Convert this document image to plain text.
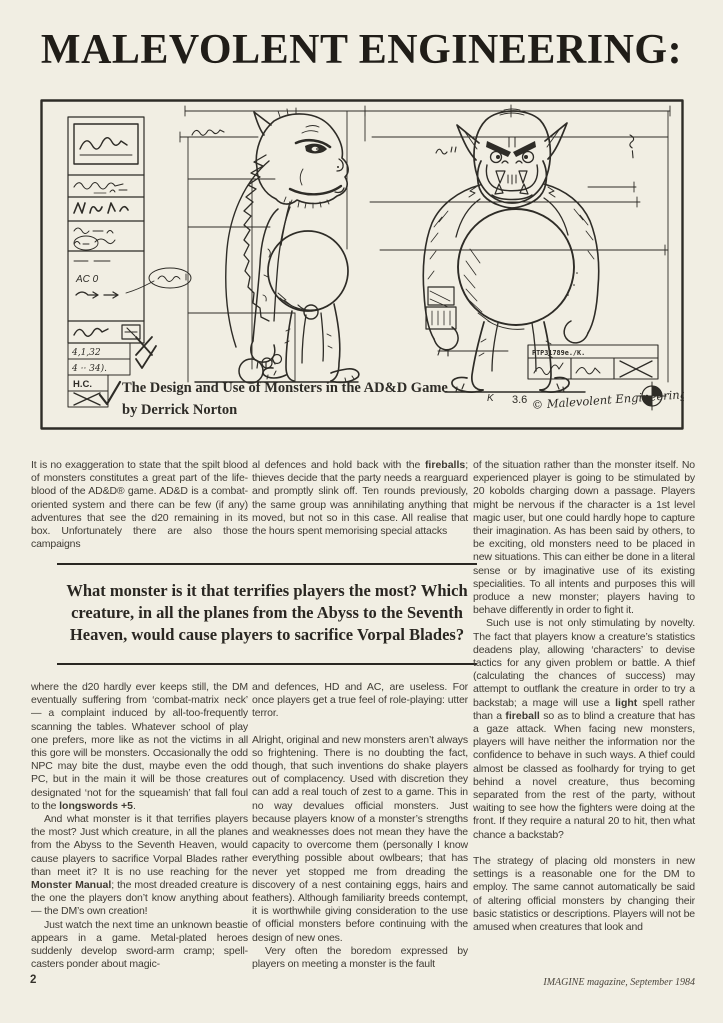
MALEVOLENT ENGINEERING:
AC 0
4,1,32
4 ·· 34).
H.C.
PTP31789e./K.
The Design and Use of Monsters in the AD&D Game
by Derrick Norton
K 3.6 © Malevolent Engineering

It is no exaggeration to state that the spilt blood of monsters constitutes a great part of the life-blood of the AD&D® game. AD&D is a combat-oriented system and there can be few (if any) adventures that see the d20 remaining in its box. Unfortunately there are also those campaigns

al defences and hold back with the fireballs; thieves decide that the party needs a rearguard and promptly slink off. Ten rounds previously, the same group was annihilating anything that moved, but not so in this case. All realise that the hours spent memorising special attacks

What monster is it that terrifies players the most? Which creature, in all the planes from the Abyss to the Seventh Heaven, would cause players to sacrifice Vorpal Blades?

where the d20 hardly ever keeps still, the DM eventually suffering from ‘combat-matrix neck’ — a complaint induced by all-too-frequently scanning the tables. Whatever school of play one prefers, more like as not the victims in all this gore will be monsters. Occasionally the odd NPC may bite the dust, maybe even the odd PC, but in the main it will be those creatures designated ‘not for the squeamish’ that fall foul to the longswords +5.

And what monster is it that terrifies players the most? Just which creature, in all the planes from the Abyss to the Seventh Heaven, would cause players to sacrifice Vorpal Blades rather than meet it? It is no use reaching for the Monster Manual; the most dreaded creature is the one the players don’t know anything about — the DM’s own creation!

Just watch the next time an unknown beastie appears in a game. Metal-plated heroes suddenly develop sword-arm cramp; spell-casters ponder about magic-

and defences, HD and AC, are useless. For once players get a true feel of role-playing: utter terror.

Alright, original and new monsters aren’t always so frightening. There is no doubting the fact, though, that such inventions do shake players out of complacency. Used with discretion they can add a real touch of zest to a game. This in no way devalues official monsters. Just because players know of a monster’s strengths and weaknesses does not mean they have the capacity to overcome them (personally I know everything possible about owlbears; that has never yet stopped me from dreading the discovery of a nest containing eggs, hairs and feathers). Although familiarity breeds contempt, it is worthwhile giving consideration to the use of official monsters before continuing with the design of new ones.

Very often the boredom expressed by players on meeting a monster is the fault

of the situation rather than the monster itself. No experienced player is going to be stimulated by 20 kobolds charging down a passage. Players might be nervous if the character is a 1st level magic user, but one could hardly hope to capture their imagination. As has been said by others, to be exciting, old monsters need to be placed in new situations. This can either be done in a literal sense or by imaginative use of its existing specialities. To all intents and purposes this will produce a new monster; players having to behave differently in order to fight it.

Such use is not only stimulating by novelty. The fact that players know a creature’s statistics deadens play, allowing ‘characters’ to devise tactics for any given problem or battle. A thief (calculating the chances of success) may attempt to outflank the creature in order to try a backstab; a mage will use a light spell rather than a fireball so as to blind a creature that has a gaze attack. When facing new monsters, players will have neither the information nor the confidence to behave in such ways. A thief could almost be classed as foolhardy for trying to get behind a novel creature, thus becoming separated from the rest of the party, without waiting to see how the fighters were doing at the front. If they require a natural 20 to hit, then what chance a backstab?

The strategy of placing old monsters in new settings is a reasonable one for the DM to employ. The same cannot automatically be said of altering official monsters by changing their basic statistics or descriptions. Players will not be amused when creatures that look and

2	IMAGINE magazine, September 1984
